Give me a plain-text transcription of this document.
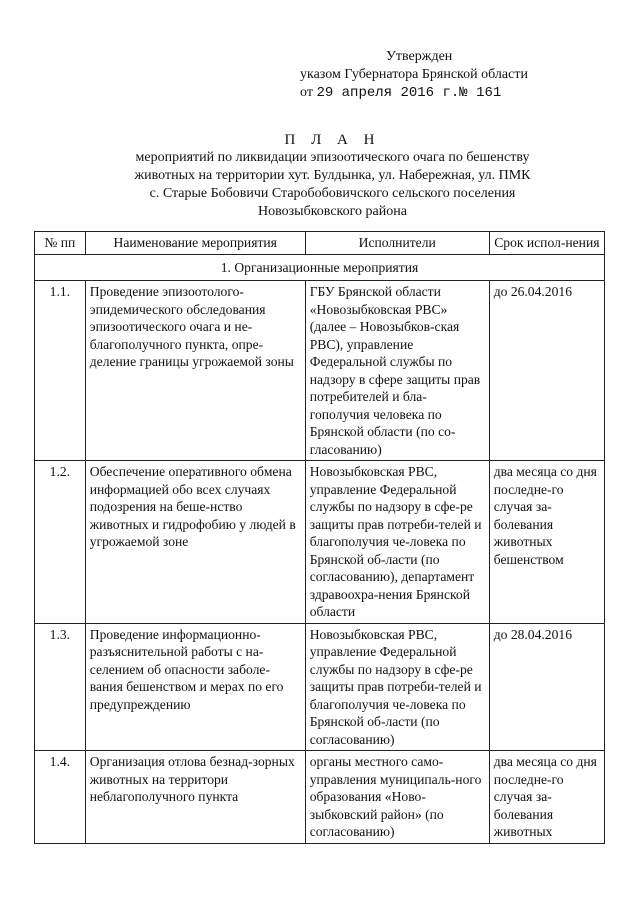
Утвержден
указом Губернатора Брянской области
от 29 апреля 2016 г.№ 161
П Л А Н
мероприятий по ликвидации эпизоотического очага по бешенству
животных на территории хут. Булдынка, ул. Набережная, ул. ПМК
с. Старые Бобовичи Старобобовичского сельского поселения
Новозыбковского района
№ пп	Наименование мероприятия	Исполнители	Срок испол-нения
1. Организационные мероприятия			
1.1.	Проведение эпизоотолого-эпидемического обследования эпизоотического очага и не-благополучного пункта, опре-деление границы угрожаемой зоны	ГБУ Брянской области «Новозыбковская РВС» (далее – Новозыбков-ская РВС), управление Федеральной службы по надзору в сфере защиты прав потребителей и бла-гополучия человека по Брянской области (по со-гласованию)	до 26.04.2016
1.2.	Обеспечение оперативного обмена информацией обо всех случаях подозрения на беше-нство животных и гидрофобию у людей в угрожаемой зоне	Новозыбковская РВС, управление Федеральной службы по надзору в сфе-ре защиты прав потреби-телей и благополучия че-ловека по Брянской об-ласти (по согласованию), департамент здравоохра-нения Брянской области	два месяца со дня последне-го случая за-болевания животных бешенством
1.3.	Проведение информационно-разъяснительной работы с на-селением об опасности заболе-вания бешенством и мерах по его предупреждению	Новозыбковская РВС, управление Федеральной службы по надзору в сфе-ре защиты прав потреби-телей и благополучия че-ловека по Брянской об-ласти (по согласованию)	до 28.04.2016
1.4.	Организация отлова безнад-зорных животных на территори неблагополучного пункта	органы местного само-управления муниципаль-ного образования «Ново-зыбковский район» (по согласованию)	два месяца со дня последне-го случая за-болевания животных
